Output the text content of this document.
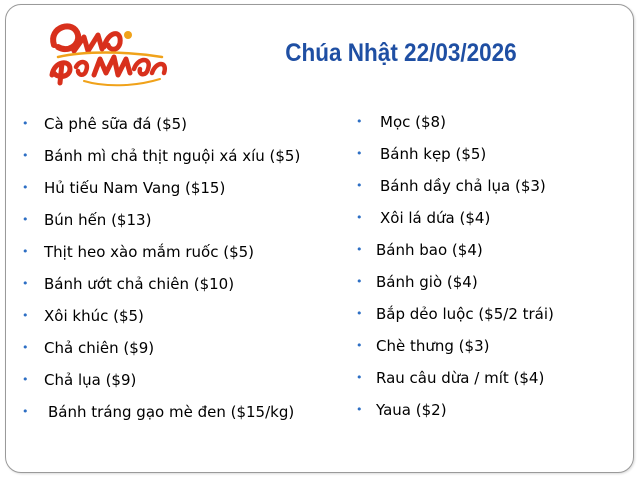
Chúa Nhật 22/03/2026
• Cà phê sữa đá ($5)
• Bánh mì chả thịt nguội xá xíu ($5)
• Hủ tiếu Nam Vang ($15)
• Bún hến ($13)
• Thịt heo xào mắm ruốc ($5)
• Bánh ướt chả chiên ($10)
• Xôi khúc ($5)
• Chả chiên ($9)
• Chả lụa ($9)
• Bánh tráng gạo mè đen ($15/kg)
• Mọc ($8)
• Bánh kẹp ($5)
• Bánh dầy chả lụa ($3)
• Xôi lá dứa ($4)
• Bánh bao ($4)
• Bánh giò ($4)
• Bắp dẻo luộc ($5/2 trái)
• Chè thưng ($3)
• Rau câu dừa / mít ($4)
• Yaua ($2)
